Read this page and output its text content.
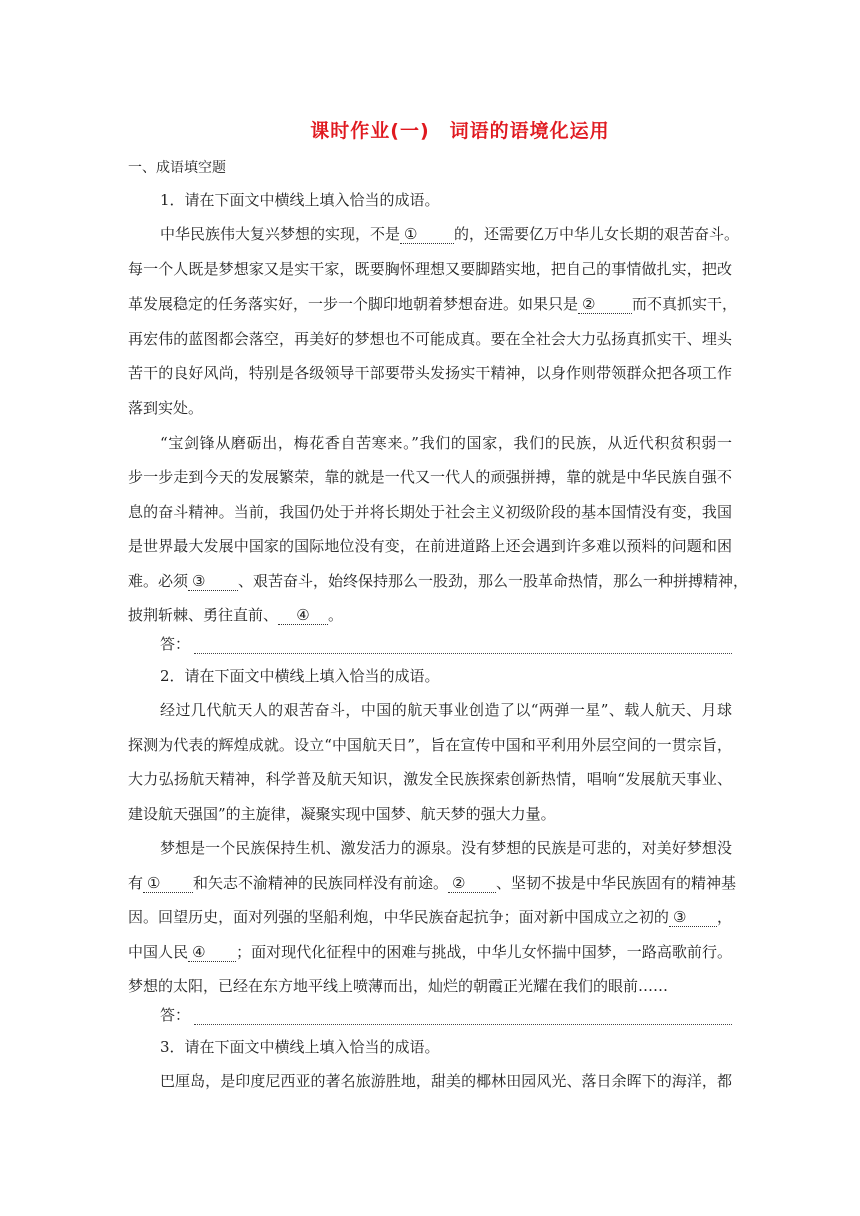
课时作业(一) 词语的语境化运用
一、成语填空题
1．请在下面文中横线上填入恰当的成语。
中华民族伟大复兴梦想的实现，不是 ① 的，还需要亿万中华儿女长期的艰苦奋斗。
每一个人既是梦想家又是实干家，既要胸怀理想又要脚踏实地，把自己的事情做扎实，把改
革发展稳定的任务落实好，一步一个脚印地朝着梦想奋进。如果只是 ② 而不真抓实干，
再宏伟的蓝图都会落空，再美好的梦想也不可能成真。要在全社会大力弘扬真抓实干、埋头
苦干的良好风尚，特别是各级领导干部要带头发扬实干精神，以身作则带领群众把各项工作
落到实处。
“宝剑锋从磨砺出，梅花香自苦寒来。”我们的国家，我们的民族，从近代积贫积弱一
步一步走到今天的发展繁荣，靠的就是一代又一代人的顽强拼搏，靠的就是中华民族自强不
息的奋斗精神。当前，我国仍处于并将长期处于社会主义初级阶段的基本国情没有变，我国
是世界最大发展中国家的国际地位没有变，在前进道路上还会遇到许多难以预料的问题和困
难。必须 ③ 、艰苦奋斗，始终保持那么一股劲，那么一股革命热情，那么一种拼搏精神，
披荆斩棘、勇往直前、 ④ 。
答：
2．请在下面文中横线上填入恰当的成语。
经过几代航天人的艰苦奋斗，中国的航天事业创造了以“两弹一星”、载人航天、月球
探测为代表的辉煌成就。设立“中国航天日”，旨在宣传中国和平利用外层空间的一贯宗旨，
大力弘扬航天精神，科学普及航天知识，激发全民族探索创新热情，唱响“发展航天事业、
建设航天强国”的主旋律，凝聚实现中国梦、航天梦的强大力量。
梦想是一个民族保持生机、激发活力的源泉。没有梦想的民族是可悲的，对美好梦想没
有 ① 和矢志不渝精神的民族同样没有前途。 ② 、坚韧不拔是中华民族固有的精神基
因。回望历史，面对列强的坚船利炮，中华民族奋起抗争；面对新中国成立之初的 ③ ，
中国人民 ④ ；面对现代化征程中的困难与挑战，中华儿女怀揣中国梦，一路高歌前行。
梦想的太阳，已经在东方地平线上喷薄而出，灿烂的朝霞正光耀在我们的眼前……
答：
3．请在下面文中横线上填入恰当的成语。
巴厘岛，是印度尼西亚的著名旅游胜地，甜美的椰林田园风光、落日余晖下的海洋，都
